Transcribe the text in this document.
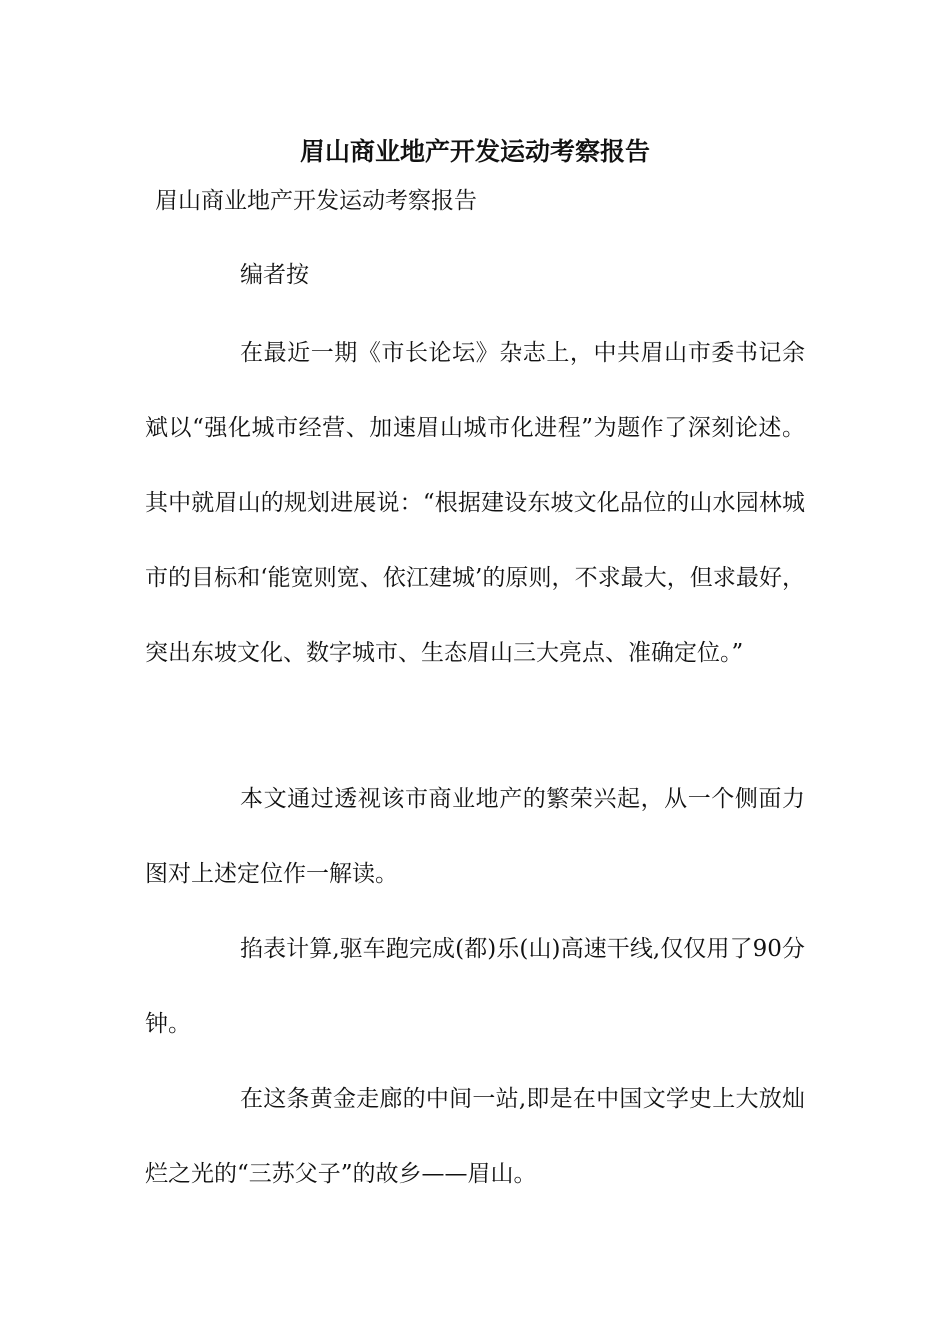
眉山商业地产开发运动考察报告

眉山商业地产开发运动考察报告

编者按

在最近一期《市长论坛》杂志上，中共眉山市委书记余斌以“强化城市经营、加速眉山城市化进程”为题作了深刻论述。其中就眉山的规划进展说：“根据建设东坡文化品位的山水园林城市的目标和‘能宽则宽、依江建城’的原则，不求最大，但求最好，突出东坡文化、数字城市、生态眉山三大亮点、准确定位。”

本文通过透视该市商业地产的繁荣兴起，从一个侧面力图对上述定位作一解读。

掐表计算,驱车跑完成(都)乐(山)高速干线,仅仅用了90分钟。

在这条黄金走廊的中间一站,即是在中国文学史上大放灿烂之光的“三苏父子”的故乡——眉山。
